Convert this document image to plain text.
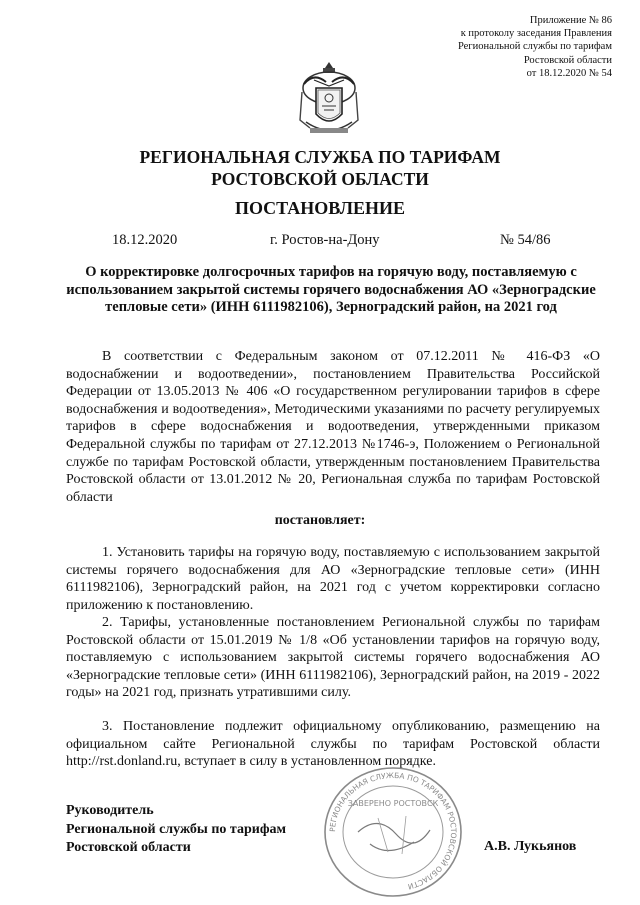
Приложение № 86
к протоколу заседания Правления
Региональной службы по тарифам
Ростовской области
от 18.12.2020 № 54
РЕГИОНАЛЬНАЯ СЛУЖБА ПО ТАРИФАМ
РОСТОВСКОЙ ОБЛАСТИ
ПОСТАНОВЛЕНИЕ
18.12.2020	г. Ростов-на-Дону	№ 54/86
О корректировке долгосрочных тарифов на горячую воду, поставляемую с использованием закрытой системы горячего водоснабжения АО «Зерноградские тепловые сети» (ИНН 6111982106), Зерноградский район, на 2021 год

В соответствии с Федеральным законом от 07.12.2011 № 416-ФЗ «О водоснабжении и водоотведении», постановлением Правительства Российской Федерации от 13.05.2013 № 406 «О государственном регулировании тарифов в сфере водоснабжения и водоотведения», Методическими указаниями по расчету регулируемых тарифов в сфере водоснабжения и водоотведения, утвержденными приказом Федеральной службы по тарифам от 27.12.2013 №1746-э, Положением о Региональной службе по тарифам Ростовской области, утвержденным постановлением Правительства Ростовской области от 13.01.2012 № 20, Региональная служба по тарифам Ростовской области

постановляет:

1. Установить тарифы на горячую воду, поставляемую с использованием закрытой системы горячего водоснабжения для АО «Зерноградские тепловые сети» (ИНН 6111982106), Зерноградский район, на 2021 год с учетом корректировки согласно приложению к постановлению.

2. Тарифы, установленные постановлением Региональной службы по тарифам Ростовской области от 15.01.2019 № 1/8 «Об установлении тарифов на горячую воду, поставляемую с использованием закрытой системы горячего водоснабжения АО «Зерноградские тепловые сети» (ИНН 6111982106), Зерноградский район, на 2019 - 2022 годы» на 2021 год, признать утратившими силу.

3. Постановление подлежит официальному опубликованию, размещению на официальном сайте Региональной службы по тарифам Ростовской области http://rst.donland.ru, вступает в силу в установленном порядке.

РЕГИОНАЛЬНАЯ СЛУЖБА ПО ТАРИФАМ РОСТОВСКОЙ ОБЛАСТИ
ЗАВЕРЕНО РОСТОВСК
Руководитель
Региональной службы по тарифам
Ростовской области	А.В. Лукьянов
